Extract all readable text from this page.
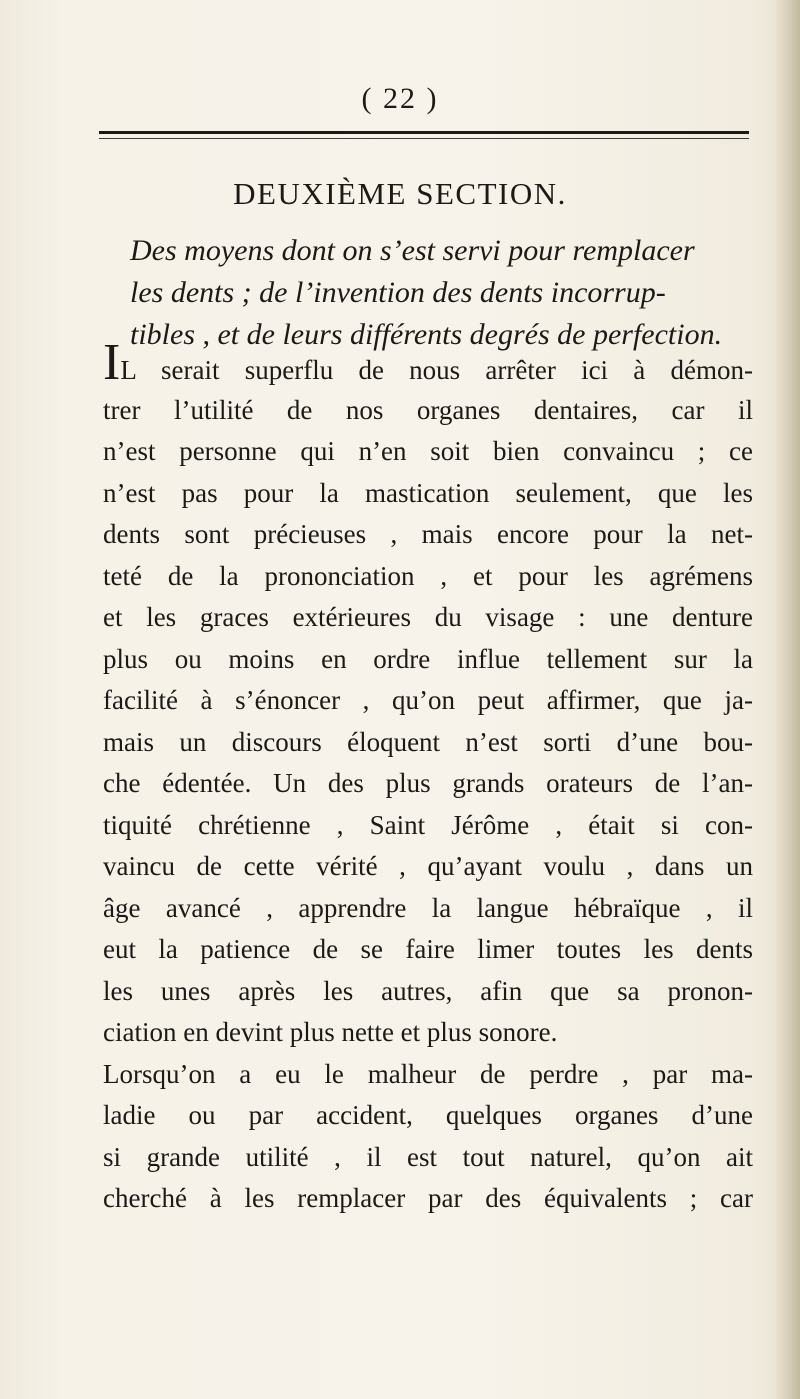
( 22 )
DEUXIÈME SECTION.
Des moyens dont on s’est servi pour remplacer
les dents ; de l’invention des dents incorrup-
tibles , et de leurs différents degrés de perfection.
IL serait superflu de nous arrêter ici à démon-
trer l’utilité de nos organes dentaires, car il
n’est personne qui n’en soit bien convaincu ; ce
n’est pas pour la mastication seulement, que les
dents sont précieuses , mais encore pour la net-
teté de la prononciation , et pour les agrémens
et les graces extérieures du visage : une denture
plus ou moins en ordre influe tellement sur la
facilité à s’énoncer , qu’on peut affirmer, que ja-
mais un discours éloquent n’est sorti d’une bou-
che édentée. Un des plus grands orateurs de l’an-
tiquité chrétienne , Saint Jérôme , était si con-
vaincu de cette vérité , qu’ayant voulu , dans un
âge avancé , apprendre la langue hébraïque , il
eut la patience de se faire limer toutes les dents
les unes après les autres, afin que sa pronon-
ciation en devint plus nette et plus sonore.
Lorsqu’on a eu le malheur de perdre , par ma-
ladie ou par accident, quelques organes d’une
si grande utilité , il est tout naturel, qu’on ait
cherché à les remplacer par des équivalents ; car
